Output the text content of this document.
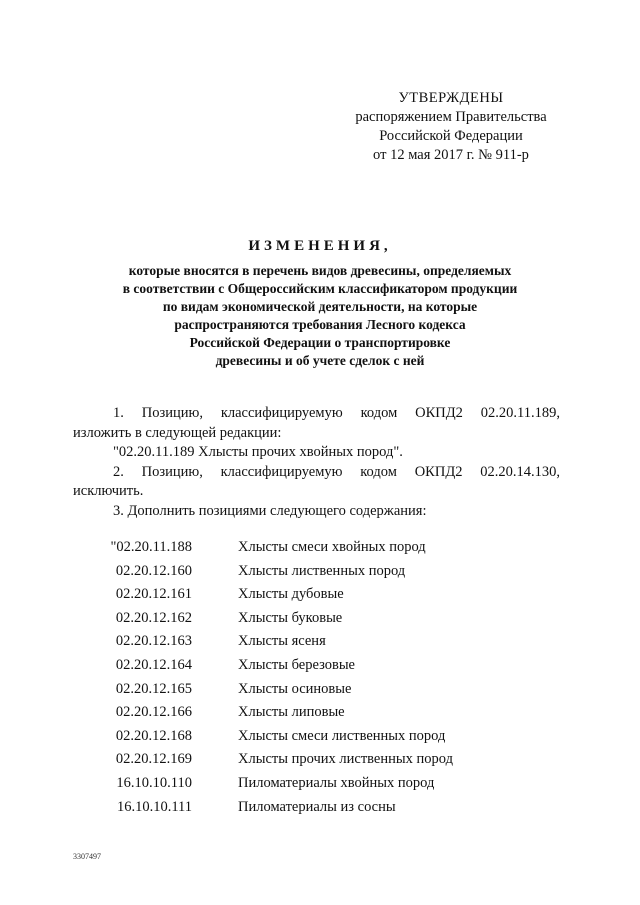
УТВЕРЖДЕНЫ
распоряжением Правительства
Российской Федерации
от 12 мая 2017 г. № 911-р
ИЗМЕНЕНИЯ,
которые вносятся в перечень видов древесины, определяемых
в соответствии с Общероссийским классификатором продукции
по видам экономической деятельности, на которые
распространяются требования Лесного кодекса
Российской Федерации о транспортировке
древесины и об учете сделок с ней
1. Позицию, классифицируемую кодом ОКПД2 02.20.11.189,
изложить в следующей редакции:
"02.20.11.189 Хлысты прочих хвойных пород".
2. Позицию, классифицируемую кодом ОКПД2 02.20.14.130,
исключить.
3. Дополнить позициями следующего содержания:
"02.20.11.188	Хлысты смеси хвойных пород
02.20.12.160	Хлысты лиственных пород
02.20.12.161	Хлысты дубовые
02.20.12.162	Хлысты буковые
02.20.12.163	Хлысты ясеня
02.20.12.164	Хлысты березовые
02.20.12.165	Хлысты осиновые
02.20.12.166	Хлысты липовые
02.20.12.168	Хлысты смеси лиственных пород
02.20.12.169	Хлысты прочих лиственных пород
16.10.10.110	Пиломатериалы хвойных пород
16.10.10.111	Пиломатериалы из сосны
3307497
